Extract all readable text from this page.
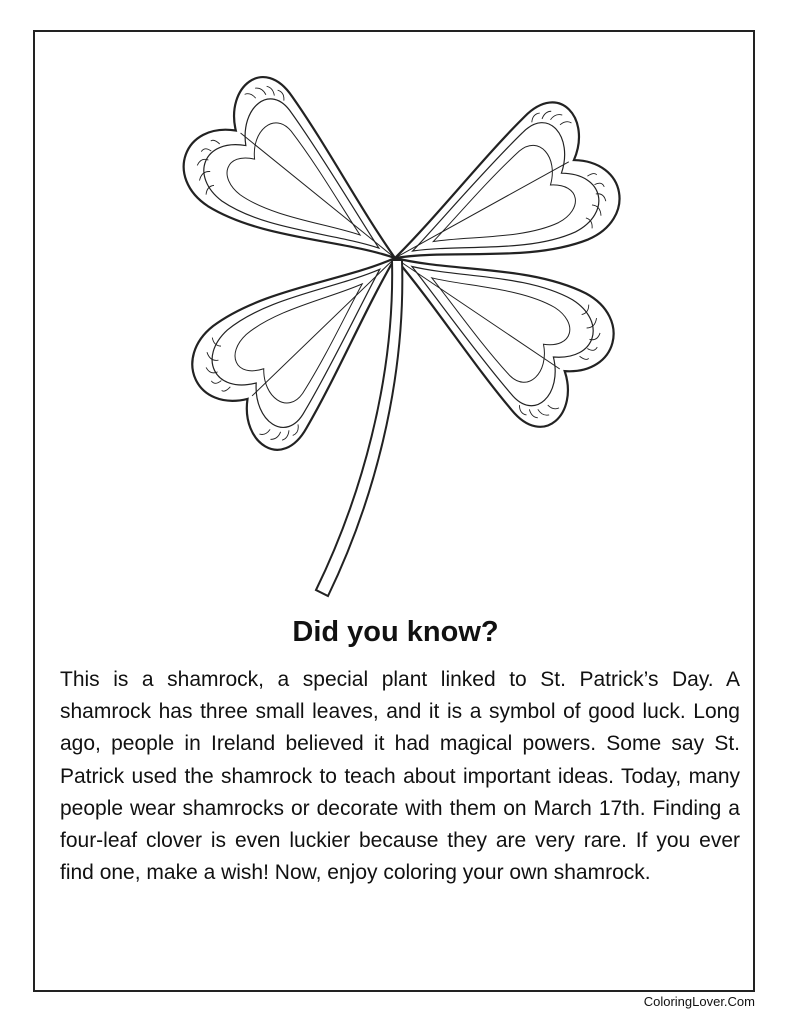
Did you know?
This is a shamrock, a special plant linked to St. Patrick’s Day. A shamrock has three small leaves, and it is a symbol of good luck. Long ago, people in Ireland believed it had magical powers. Some say St. Patrick used the shamrock to teach about important ideas. Today, many people wear shamrocks or decorate with them on March 17th. Finding a four-leaf clover is even luckier because they are very rare. If you ever find one, make a wish! Now, enjoy coloring your own shamrock.
ColoringLover.Com
